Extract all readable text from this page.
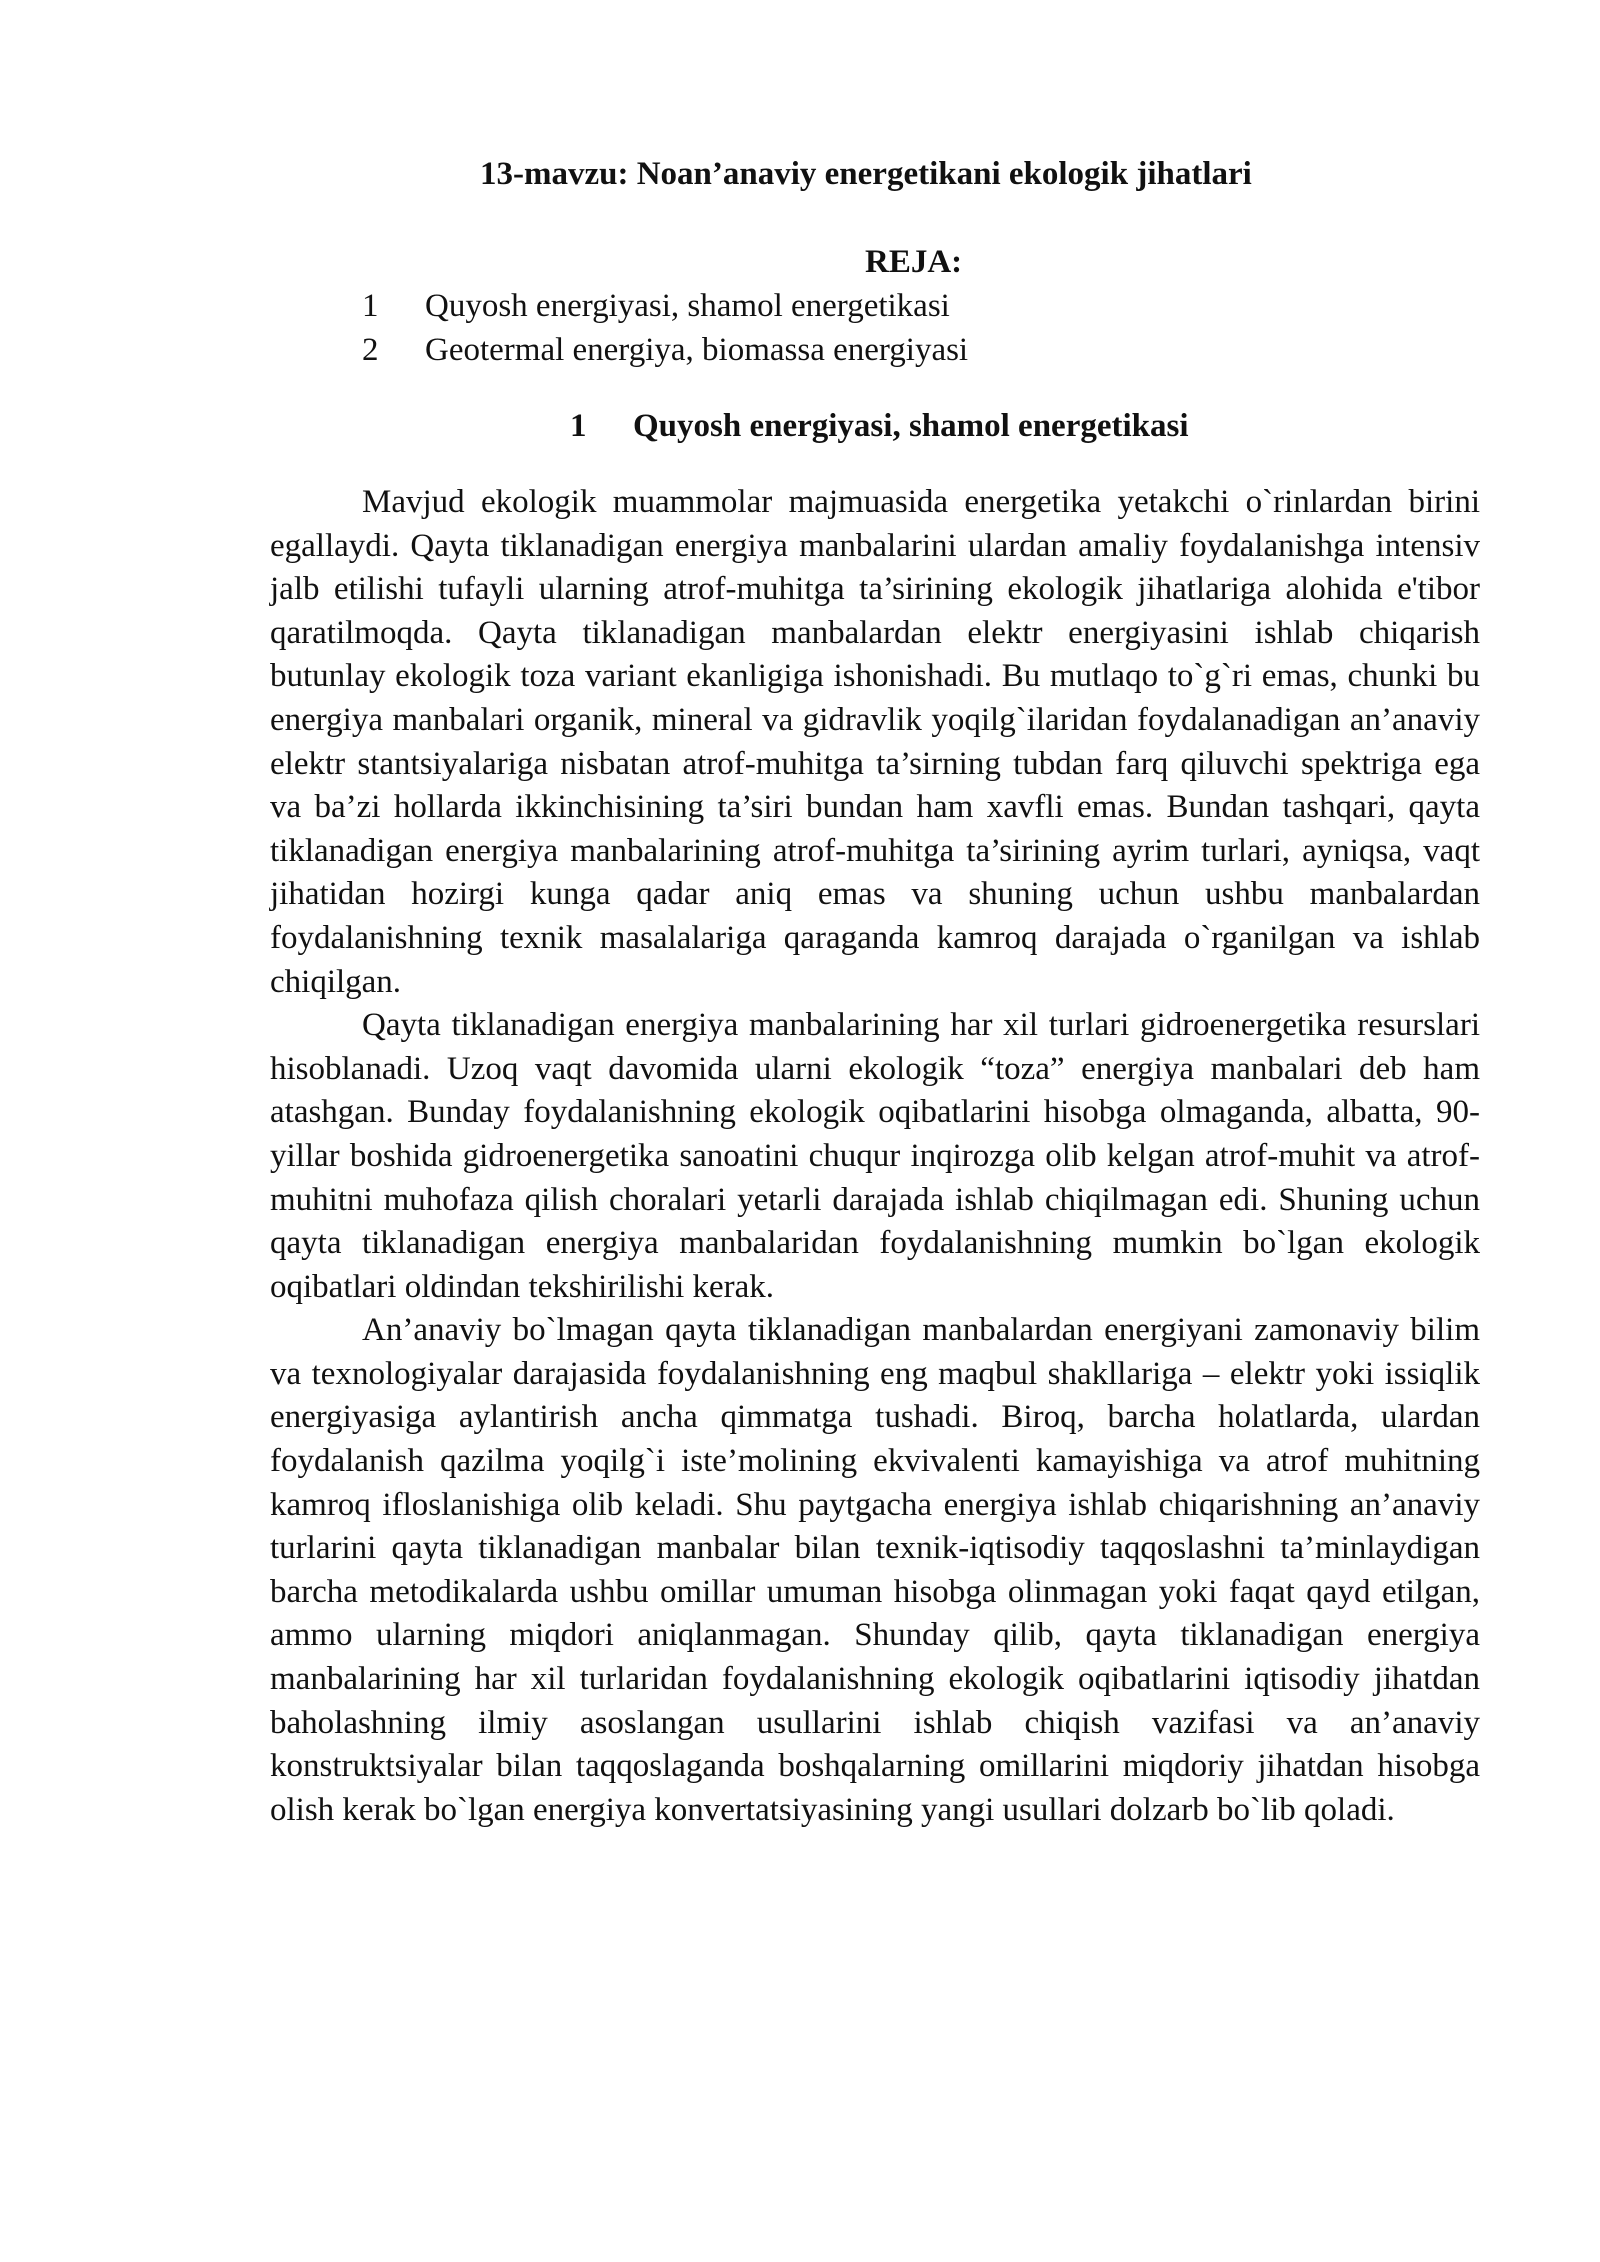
13-mavzu: Noan’anaviy energetikani ekologik jihatlari
REJA:
1	Quyosh energiyasi, shamol energetikasi
2	Geotermal energiya, biomassa energiyasi
1	Quyosh energiyasi, shamol energetikasi

Mavjud ekologik muammolar majmuasida energetika yetakchi o`rinlardan birini egallaydi. Qayta tiklanadigan energiya manbalarini ulardan amaliy foydalanishga intensiv jalb etilishi tufayli ularning atrof-muhitga ta’sirining ekologik jihatlariga alohida e'tibor qaratilmoqda. Qayta tiklanadigan manbalardan elektr energiyasini ishlab chiqarish butunlay ekologik toza variant ekanligiga ishonishadi. Bu mutlaqo to`g`ri emas, chunki bu energiya manbalari organik, mineral va gidravlik yoqilg`ilaridan foydalanadigan an’anaviy elektr stantsiyalariga nisbatan atrof-muhitga ta’sirning tubdan farq qiluvchi spektriga ega va ba’zi hollarda ikkinchisining ta’siri bundan ham xavfli emas. Bundan tashqari, qayta tiklanadigan energiya manbalarining atrof-muhitga ta’sirining ayrim turlari, ayniqsa, vaqt jihatidan hozirgi kunga qadar aniq emas va shuning uchun ushbu manbalardan foydalanishning texnik masalalariga qaraganda kamroq darajada o`rganilgan va ishlab chiqilgan.

Qayta tiklanadigan energiya manbalarining har xil turlari gidroenergetika resurslari hisoblanadi. Uzoq vaqt davomida ularni ekologik “toza” energiya manbalari deb ham atashgan. Bunday foydalanishning ekologik oqibatlarini hisobga olmaganda, albatta, 90-yillar boshida gidroenergetika sanoatini chuqur inqirozga olib kelgan atrof-muhit va atrof-muhitni muhofaza qilish choralari yetarli darajada ishlab chiqilmagan edi. Shuning uchun qayta tiklanadigan energiya manbalaridan foydalanishning mumkin bo`lgan ekologik oqibatlari oldindan tekshirilishi kerak.

An’anaviy bo`lmagan qayta tiklanadigan manbalardan energiyani zamonaviy bilim va texnologiyalar darajasida foydalanishning eng maqbul shakllariga – elektr yoki issiqlik energiyasiga aylantirish ancha qimmatga tushadi. Biroq, barcha holatlarda, ulardan foydalanish qazilma yoqilg`i iste’molining ekvivalenti kamayishiga va atrof muhitning kamroq ifloslanishiga olib keladi. Shu paytgacha energiya ishlab chiqarishning an’anaviy turlarini qayta tiklanadigan manbalar bilan texnik-iqtisodiy taqqoslashni ta’minlaydigan barcha metodikalarda ushbu omillar umuman hisobga olinmagan yoki faqat qayd etilgan, ammo ularning miqdori aniqlanmagan. Shunday qilib, qayta tiklanadigan energiya manbalarining har xil turlaridan foydalanishning ekologik oqibatlarini iqtisodiy jihatdan baholashning ilmiy asoslangan usullarini ishlab chiqish vazifasi va an’anaviy konstruktsiyalar bilan taqqoslaganda boshqalarning omillarini miqdoriy jihatdan hisobga olish kerak bo`lgan energiya konvertatsiyasining yangi usullari dolzarb bo`lib qoladi.
